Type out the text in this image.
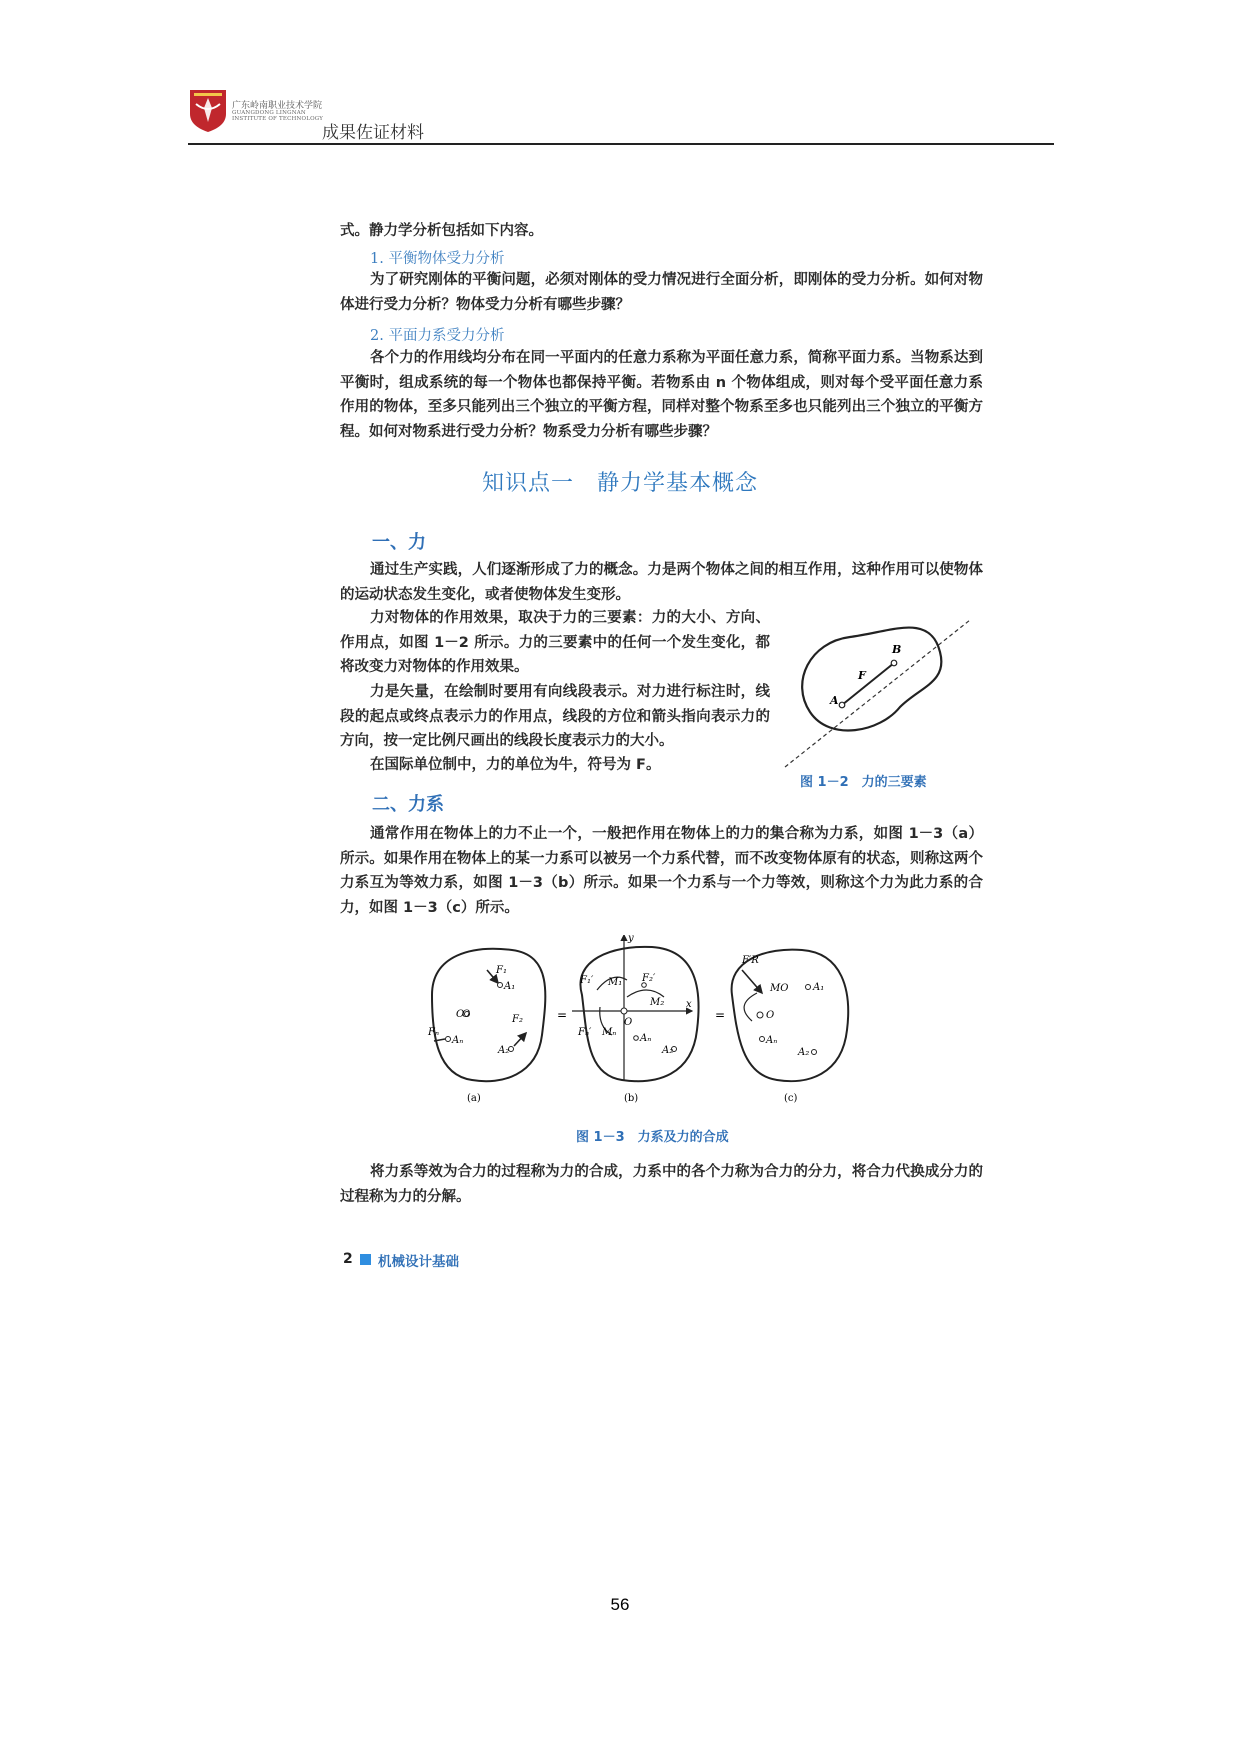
广东岭南职业技术学院
GUANGDONG LINGNAN
INSTITUTE OF TECHNOLOGY
成果佐证材料
式。静力学分析包括如下内容。
1. 平衡物体受力分析
为了研究刚体的平衡问题，必须对刚体的受力情况进行全面分析，即刚体的受力分析。如何对物体进行受力分析？物体受力分析有哪些步骤？
2. 平面力系受力分析
各个力的作用线均分布在同一平面内的任意力系称为平面任意力系，简称平面力系。当物系达到平衡时，组成系统的每一个物体也都保持平衡。若物系由 n 个物体组成，则对每个受平面任意力系作用的物体，至多只能列出三个独立的平衡方程，同样对整个物系至多也只能列出三个独立的平衡方程。如何对物系进行受力分析？物系受力分析有哪些步骤？
知识点一　静力学基本概念
一、力
通过生产实践，人们逐渐形成了力的概念。力是两个物体之间的相互作用，这种作用可以使物体的运动状态发生变化，或者使物体发生变形。
力对物体的作用效果，取决于力的三要素：力的大小、方向、作用点，如图 1－2 所示。力的三要素中的任何一个发生变化，都将改变力对物体的作用效果。
力是矢量，在绘制时要用有向线段表示。对力进行标注时，线段的起点或终点表示力的作用点，线段的方位和箭头指向表示力的方向，按一定比例尺画出的线段长度表示力的大小。
在国际单位制中，力的单位为牛，符号为 F。
B
F
A
图 1－2　力的三要素
二、力系
通常作用在物体上的力不止一个，一般把作用在物体上的力的集合称为力系，如图 1－3（a）所示。如果作用在物体上的某一力系可以被另一个力系代替，而不改变物体原有的状态，则称这两个力系互为等效力系，如图 1－3（b）所示。如果一个力系与一个力等效，则称这个力为此力系的合力，如图 1－3（c）所示。
F₁
A₁
O
O	F₂
Fₙ
Aₙ
A₂
(a)
=
y
x
F₁′ M₁ F₂′
M₂
O
Mₙ
Aₙ
Fₙ′
A₂
(b)
=
F′R
MO A₁
O
Aₙ
A₂
(c)
图 1－3　力系及力的合成
将力系等效为合力的过程称为力的合成，力系中的各个力称为合力的分力，将合力代换成分力的过程称为力的分解。
2 机械设计基础
56
